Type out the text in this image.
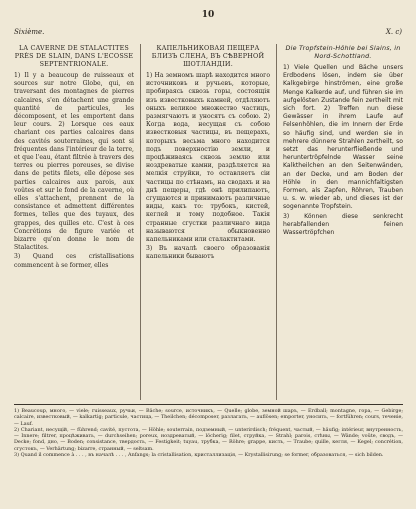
10
Sixième.	X. c)
LA CAVERNE DE STALACTITES PRÈS DE SLAIN, DANS L'ECOSSE SEPTENTRIONALE.

1) Il y a beaucoup de ruisseaux et sources sur notre Globe, qui, en traversant des montagnes de pierres calcaires, s'en détachent une grande quantité de particules, les décomposent, et les emportent dans leur cours. 2) Lorsque ces eaux chariant ces parties calcaires dans des cavités souterraines, qui sont si fréquentes dans l'intérieur de la terre, et que l'eau, étant filtrée à travers des terres ou pierres poreuses, se divise dans de petits filets, elle dépose ses parties calcaires aux parois, aux voûtes et sur le fond de la caverne, où elles s'attachent, prennent de la consistance et admettent différentes formes, telles que des tuyaux, des grappes, des quilles etc. C'est à ces Concrétions de figure variée et bizarre qu'on donne le nom de Stalactites.

3) Quand ces cristallisations commencent à se former, elles

КАПЕЛЬНИКОВАЯ ПЕЩЕРА БЛИЗЪ СЛЕНА, ВЪ СѢВЕРНОЙ ШОТЛАНДІИ.

1) На земномъ шарѣ находится много источниковъ и ручьевъ, которые, пробираясь сквозь горы, состоящія изъ известковыхъ камней, отдѣляютъ оныхъ великое множество частицъ, размягчаютъ и уносятъ съ собою. 2) Когда вода, несущая съ собою известковыя частицы, въ пещерахъ, которыхъ весьма много находится подъ поверхностію земли, и процѣживаясь сквозь землю или ноздреватые камни, раздѣляется на мелкія струйки, то оставляетъ сіи частицы по стѣнамъ, на сводахъ и на днѣ пещеры, гдѣ онѣ прилипаютъ, сгущаются и принимаютъ различные виды, какъ то: трубокъ, кистей, кеглей и тому подобное. Такія странные сгустки различнаго вида называются обыкновенно капельниками или сталактитами.

3) Въ началѣ своего образованія капельники бываютъ

Die Tropfstein-Höhle bei Slains, in Nord-Schottland.

1) Viele Quellen und Bäche unsers Erdbodens lösen, indem sie über Kalkgebirge hinströmen, eine große Menge Kalkerde auf, und führen sie im aufgelösten Zustande fein zertheilt mit sich fort. 2) Treffen nun diese Gewässer in ihrem Laufe auf Felsenhöhlen, die im Innern der Erde so häufig sind, und werden sie in mehrere dünnere Strahlen zertheilt, so setzt das herunterfließende und heruntertröpfelnde Wasser seine Kalktheilchen an den Seitenwänden, an der Decke, und am Boden der Höhle in den mannichfaltigsten Formen, als Zapfen, Röhren, Trauben u. s. w. wieder ab, und dieses ist der sogenannte Tropfstein.

3) Können diese senkrecht herabfallenden feinen Wassertröpfchen

1) Beaucoup, много, — viele; ruisseaux, ручьи, — Bäche; source, источникъ, — Quelle; globe, земной шаръ, — Erdball; montagne, гора, — Gebirge; calcaire, известковый, — kalkartig; particule, частица, — Theilchen; décomposer, разлагать, — auflösen; emporter, уносить, — fortführen; cours, теченіе, — Lauf.

2) Chariant, несущій, — führend; cavité, пустота, — Höhle; souterrain, подземный, — unterirdisch; fréquent, частый, — häufig; intérieur, внутренность, — Innere; filtrer, процѣживать, — durchseihen; poreux, ноздреватый, — löcherig; filet, струйка, — Strahl; parois, стѣны, — Wände; voûte, сводъ, — Decke; fond, дно, — Boden; consistance, твердость, — Festigkeit; tuyau, трубка, — Röhre; grappe, кисть, — Traube; quille, кегля, — Kegel; concrétion, сгустокъ, — Verhärtung; bizarre, странный, — seltsam.

3) Quand il commence à . . . , въ началѣ . . . , Anfangs; la cristallisation, кристаллизація, — Krystallisirung; se former, образоваться, — sich bilden.
